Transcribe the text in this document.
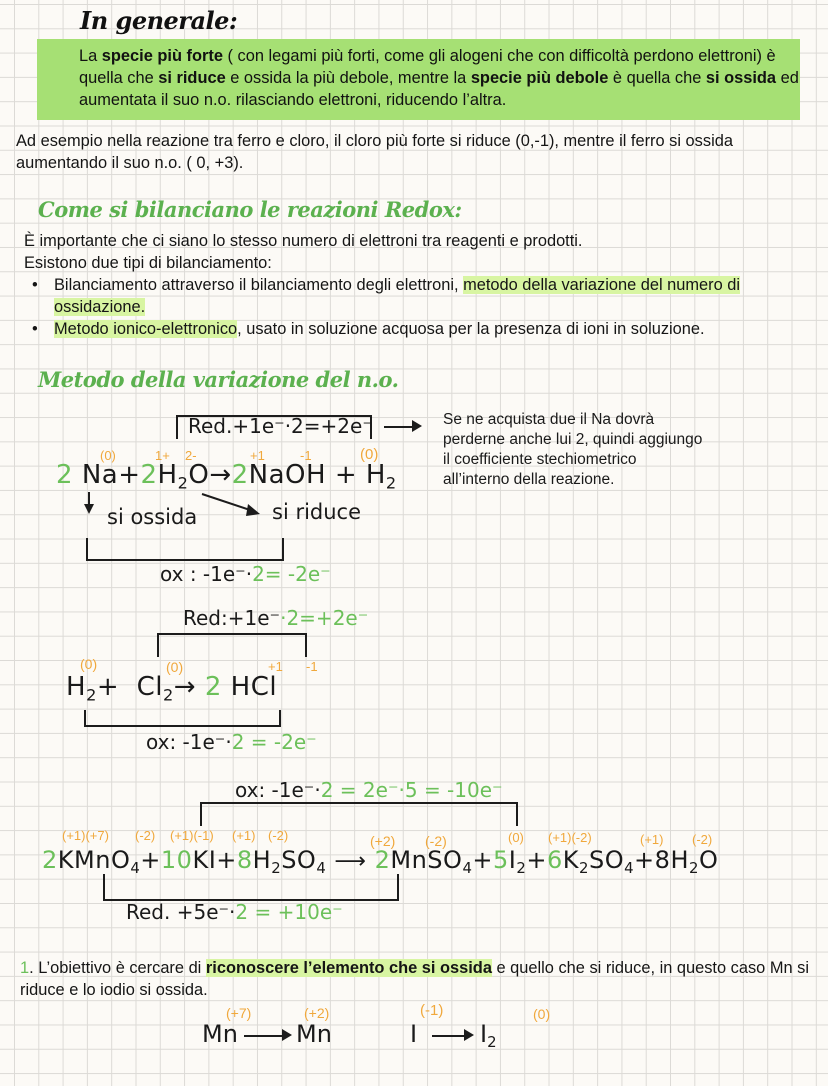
In generale:
La specie più forte ( con legami più forti, come gli alogeni che con difficoltà perdono elettroni) è quella che si riduce e ossida la più debole, mentre la specie più debole è quella che si ossida ed aumentata il suo n.o. rilasciando elettroni, riducendo l’altra.
Ad esempio nella reazione tra ferro e cloro, il cloro più forte si riduce (0,-1), mentre il ferro si ossida aumentando il suo n.o. ( 0, +3).
Come si bilanciano le reazioni Redox:
È importante che ci siano lo stesso numero di elettroni tra reagenti e prodotti.
Esistono due tipi di bilanciamento:
• Bilanciamento attraverso il bilanciamento degli elettroni, metodo della variazione del numero di ossidazione.
• Metodo ionico-elettronico, usato in soluzione acquosa per la presenza di ioni in soluzione.
Metodo della variazione del n.o.
Red.+1e⁻·2=+2e⁻	Se ne acquista due il Na dovrà perderne anche lui 2, quindi aggiungo il coefficiente stechiometrico all’interno della reazione.
(0)	1+ 2-	+1	-1	(0)
2 $Na+2H_2O\to 2NaOH + H_2$
si ossida	si riduce
ox : -1e⁻·2= -2e⁻
Red:+1e⁻·2=+2e⁻
(0)	(0)	+1 -1
$H_2+ Cl_2\to 2$ HCl
ox: -1e⁻·2 = -2e⁻
ox: -1e⁻·2 = 2e⁻·5 = -10e⁻
(+1)(+7) (-2) (+1)(-1) (+1) (-2)	(+2) (-2)	(0) (+1)(-2)	(+1) (-2)
$2KMnO_4+10KI+8H_2SO_4$ ⟶ $2MnSO_4+5I_2+6K_2SO_4+8H_2O$
Red. +5e⁻·2 = +10e⁻
1. L’obiettivo è cercare di riconoscere l’elemento che si ossida e quello che si riduce, in questo caso Mn si riduce e lo iodio si ossida.
(+7)	(+2)	(-1)	(0)
Mn Mn	I	$I_2$
